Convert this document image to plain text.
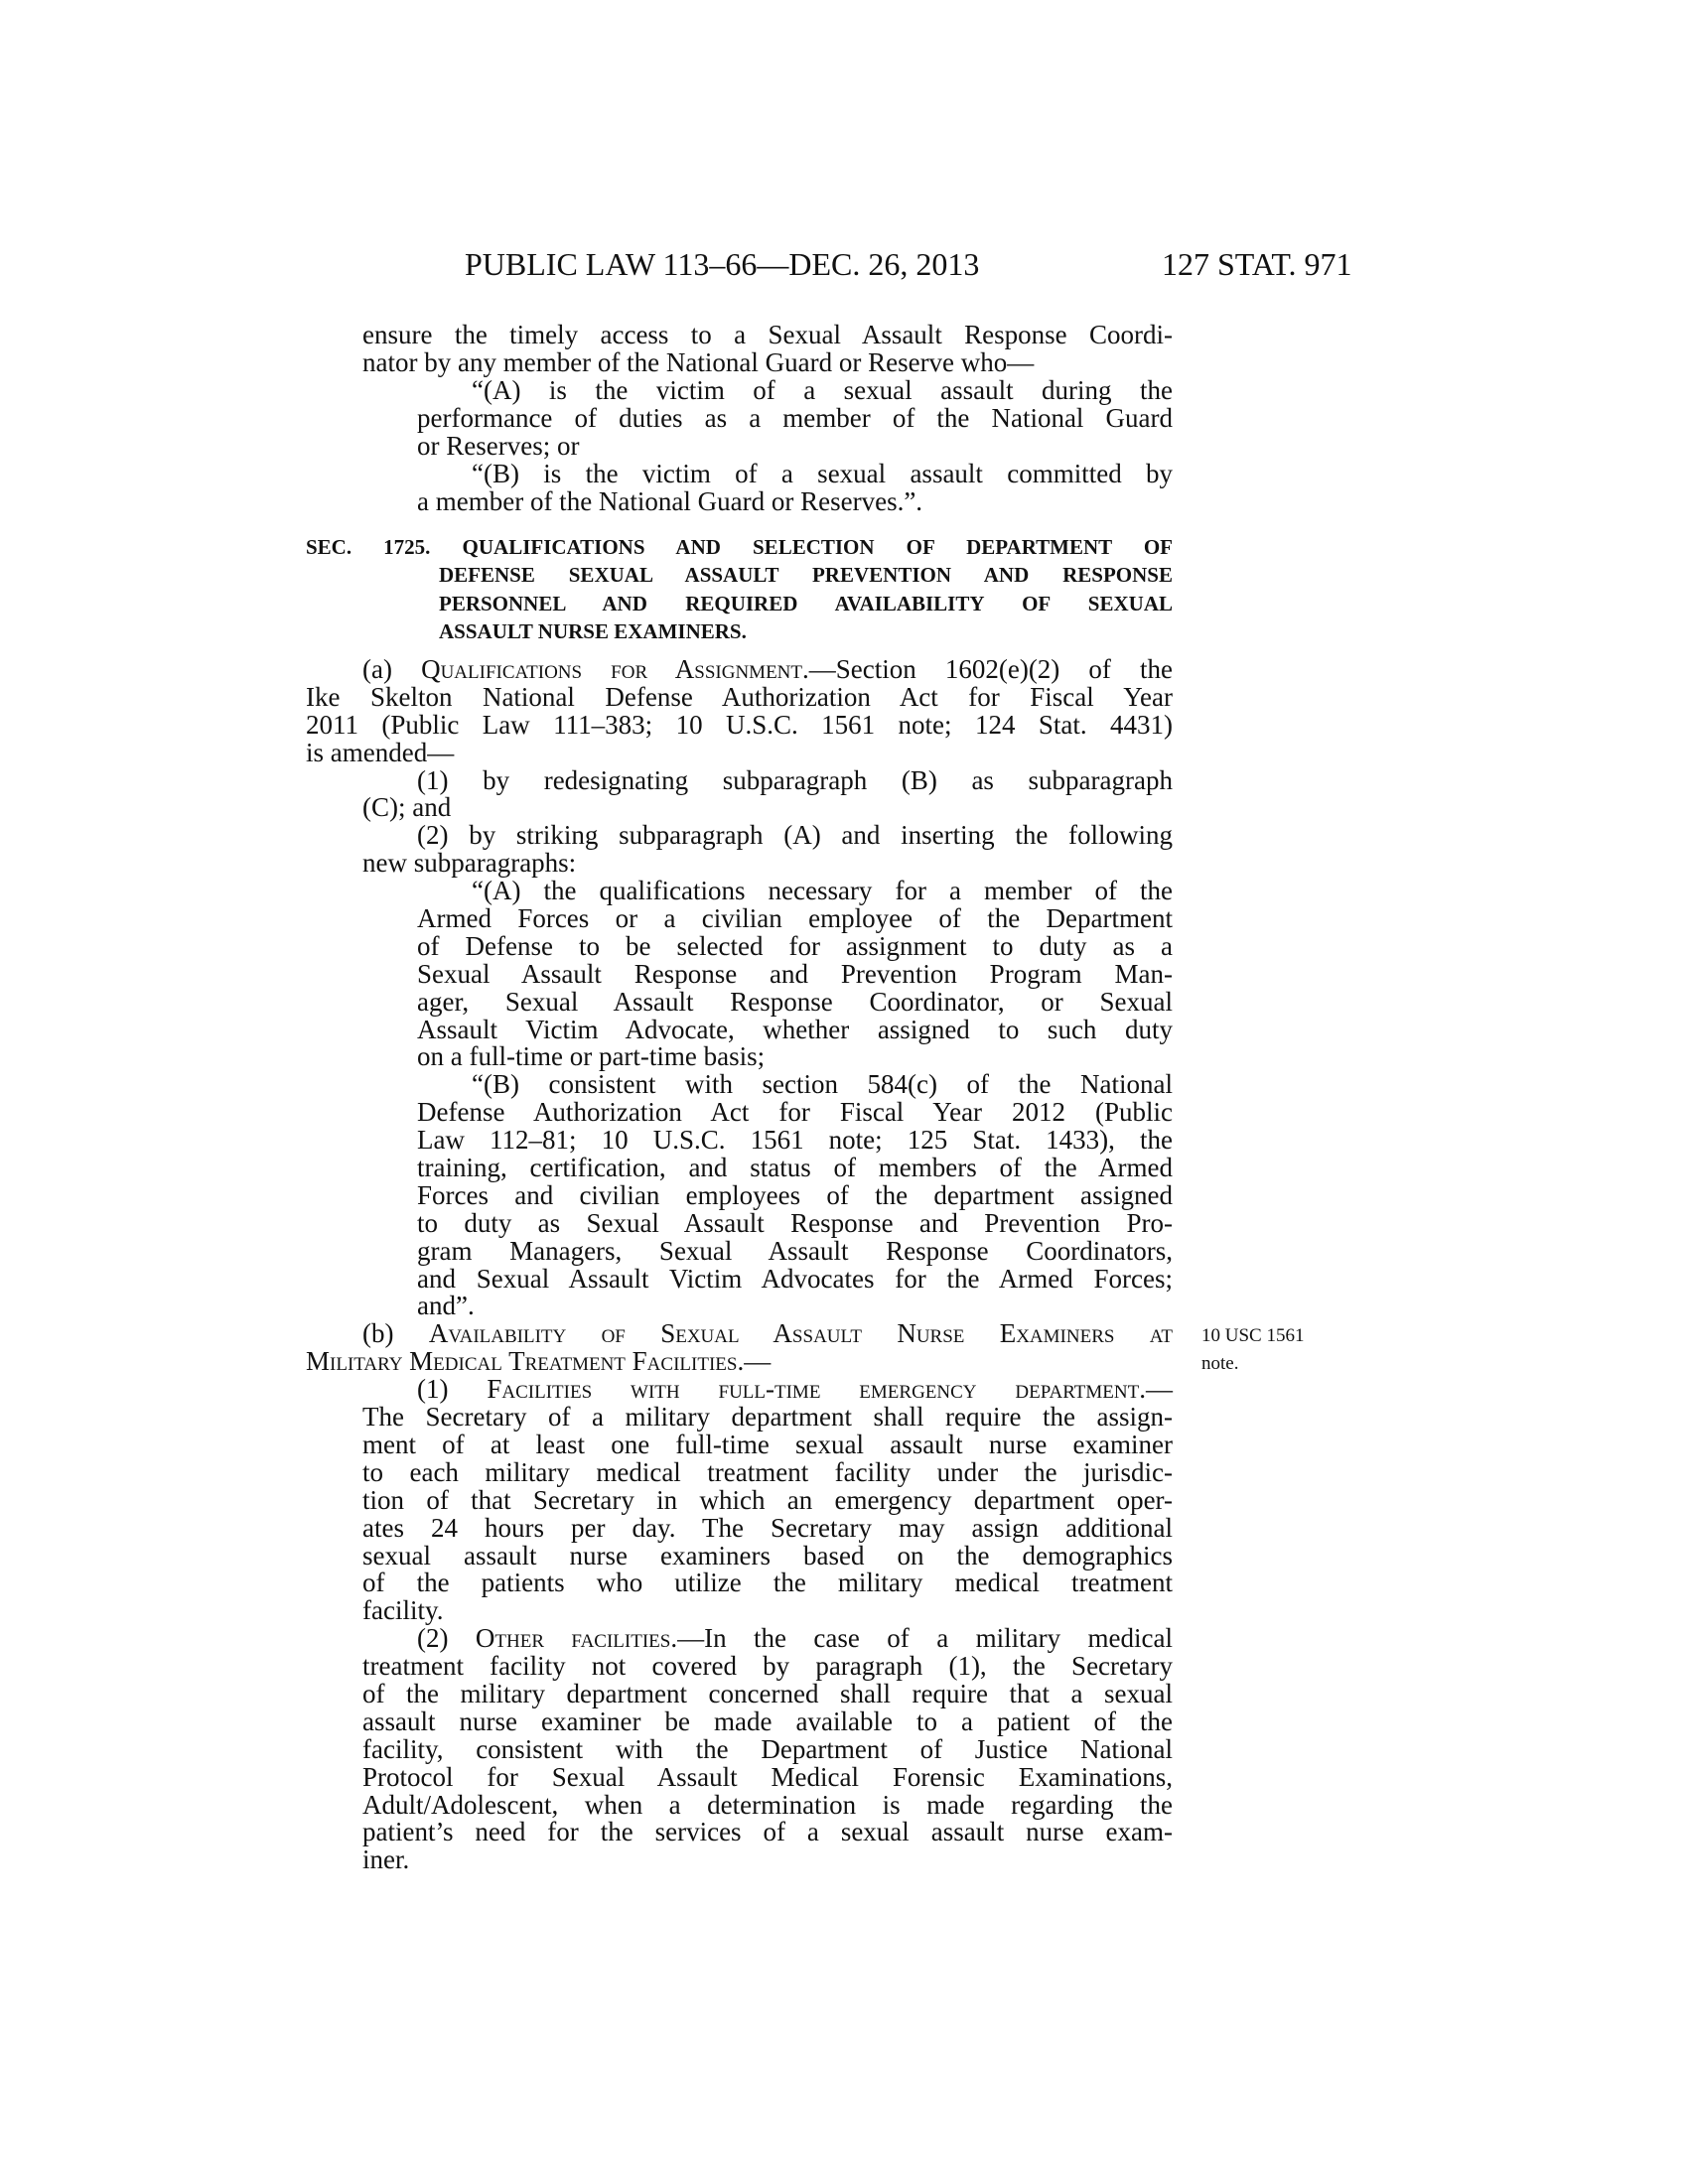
PUBLIC LAW 113–66—DEC. 26, 2013	127 STAT. 971
ensure the timely access to a Sexual Assault Response Coordi-
nator by any member of the National Guard or Reserve who—
“(A) is the victim of a sexual assault during the
performance of duties as a member of the National Guard
or Reserves; or
“(B) is the victim of a sexual assault committed by
a member of the National Guard or Reserves.”.
SEC. 1725. QUALIFICATIONS AND SELECTION OF DEPARTMENT OF
DEFENSE SEXUAL ASSAULT PREVENTION AND RESPONSE
PERSONNEL AND REQUIRED AVAILABILITY OF SEXUAL
ASSAULT NURSE EXAMINERS.
(a) Qualifications for Assignment.—Section 1602(e)(2) of the
Ike Skelton National Defense Authorization Act for Fiscal Year
2011 (Public Law 111–383; 10 U.S.C. 1561 note; 124 Stat. 4431)
is amended—
(1) by redesignating subparagraph (B) as subparagraph
(C); and
(2) by striking subparagraph (A) and inserting the following
new subparagraphs:
“(A) the qualifications necessary for a member of the
Armed Forces or a civilian employee of the Department
of Defense to be selected for assignment to duty as a
Sexual Assault Response and Prevention Program Man-
ager, Sexual Assault Response Coordinator, or Sexual
Assault Victim Advocate, whether assigned to such duty
on a full-time or part-time basis;
“(B) consistent with section 584(c) of the National
Defense Authorization Act for Fiscal Year 2012 (Public
Law 112–81; 10 U.S.C. 1561 note; 125 Stat. 1433), the
training, certification, and status of members of the Armed
Forces and civilian employees of the department assigned
to duty as Sexual Assault Response and Prevention Pro-
gram Managers, Sexual Assault Response Coordinators,
and Sexual Assault Victim Advocates for the Armed Forces;
and”.
(b) Availability of Sexual Assault Nurse Examiners at
Military Medical Treatment Facilities.—
(1) Facilities with full-time emergency department.—
The Secretary of a military department shall require the assign-
ment of at least one full-time sexual assault nurse examiner
to each military medical treatment facility under the jurisdic-
tion of that Secretary in which an emergency department oper-
ates 24 hours per day. The Secretary may assign additional
sexual assault nurse examiners based on the demographics
of the patients who utilize the military medical treatment
facility.
(2) Other facilities.—In the case of a military medical
treatment facility not covered by paragraph (1), the Secretary
of the military department concerned shall require that a sexual
assault nurse examiner be made available to a patient of the
facility, consistent with the Department of Justice National
Protocol for Sexual Assault Medical Forensic Examinations,
Adult/Adolescent, when a determination is made regarding the
patient’s need for the services of a sexual assault nurse exam-
iner.
10 USC 1561
note.
